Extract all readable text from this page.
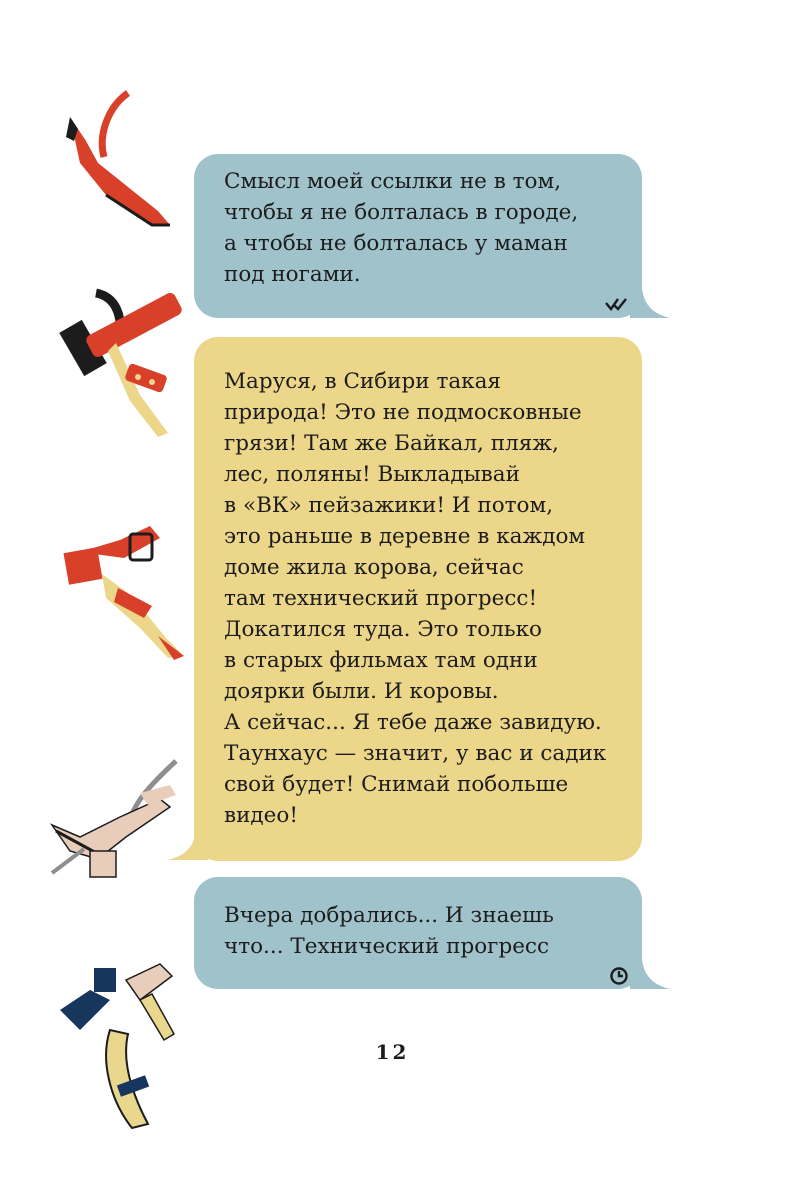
Смысл моей ссылки не в том,
чтобы я не болталась в городе,
а чтобы не болталась у маман
под ногами.
Маруся, в Сибири такая
природа! Это не подмосковные
грязи! Там же Байкал, пляж,
лес, поляны! Выкладывай
в «ВК» пейзажики! И потом,
это раньше в деревне в каждом
доме жила корова, сейчас
там технический прогресс!
Докатился туда. Это только
в старых фильмах там одни
доярки были. И коровы.
А сейчас... Я тебе даже завидую.
Таунхаус — значит, у вас и садик
свой будет! Снимай побольше
видео!
Вчера добрались... И знаешь
что... Технический прогресс
12
